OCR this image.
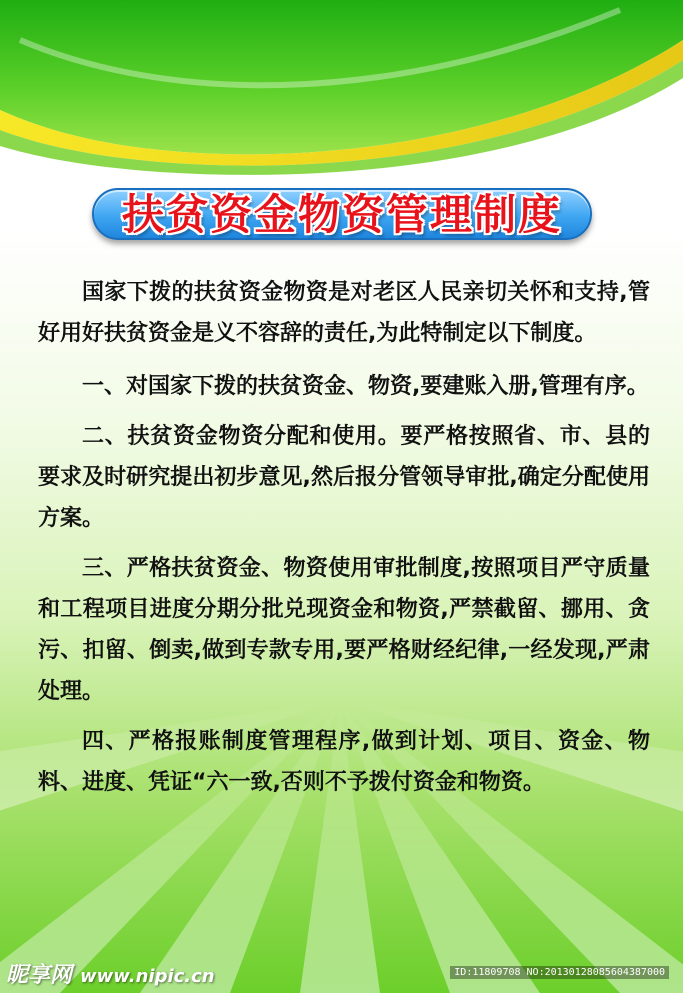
扶贫资金物资管理制度

国家下拨的扶贫资金物资是对老区人民亲切关怀和支持,管好用好扶贫资金是义不容辞的责任,为此特制定以下制度。

一、对国家下拨的扶贫资金、物资,要建账入册,管理有序。

二、扶贫资金物资分配和使用。要严格按照省、市、县的要求及时研究提出初步意见,然后报分管领导审批,确定分配使用方案。

三、严格扶贫资金、物资使用审批制度,按照项目严守质量和工程项目进度分期分批兑现资金和物资,严禁截留、挪用、贪污、扣留、倒卖,做到专款专用,要严格财经纪律,一经发现,严肃处理。

四、严格报账制度管理程序,做到计划、项目、资金、物料、进度、凭证“六一致,否则不予拨付资金和物资。

昵享网 www.nipic.cn	ID:11809708 NO:20130128085604387000
